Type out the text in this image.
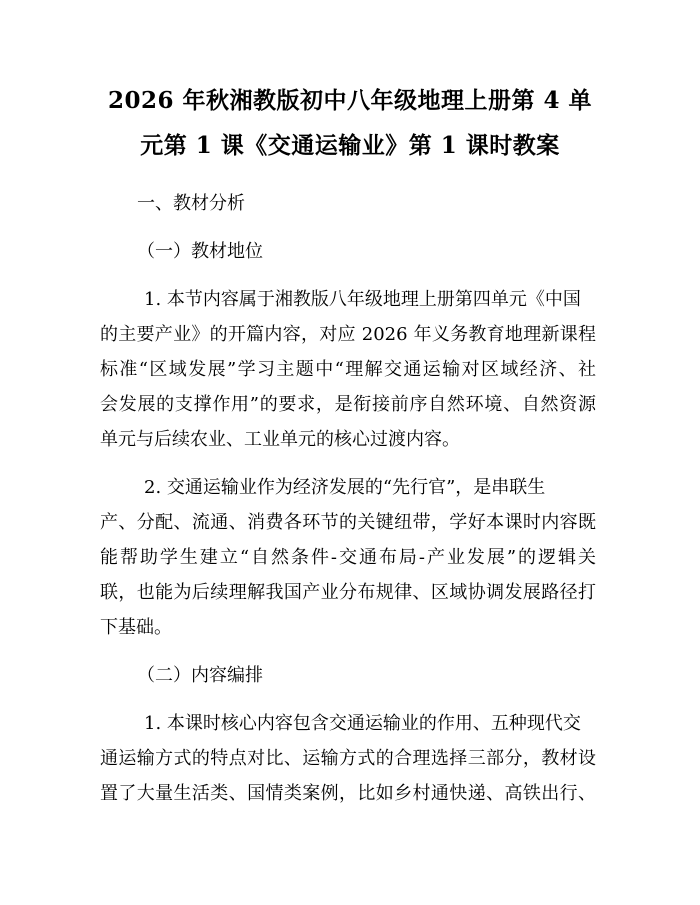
2026 年秋湘教版初中八年级地理上册第 4 单
元第 1 课《交通运输业》第 1 课时教案
一、教材分析
（一）教材地位
1. 本节内容属于湘教版八年级地理上册第四单元《中国
的主要产业》的开篇内容，对应 2026 年义务教育地理新课程
标准“区域发展”学习主题中“理解交通运输对区域经济、社
会发展的支撑作用”的要求，是衔接前序自然环境、自然资源
单元与后续农业、工业单元的核心过渡内容。
2. 交通运输业作为经济发展的“先行官”，是串联生
产、分配、流通、消费各环节的关键纽带，学好本课时内容既
能帮助学生建立“自然条件-交通布局-产业发展”的逻辑关
联，也能为后续理解我国产业分布规律、区域协调发展路径打
下基础。
（二）内容编排
1. 本课时核心内容包含交通运输业的作用、五种现代交
通运输方式的特点对比、运输方式的合理选择三部分，教材设
置了大量生活类、国情类案例，比如乡村通快递、高铁出行、
